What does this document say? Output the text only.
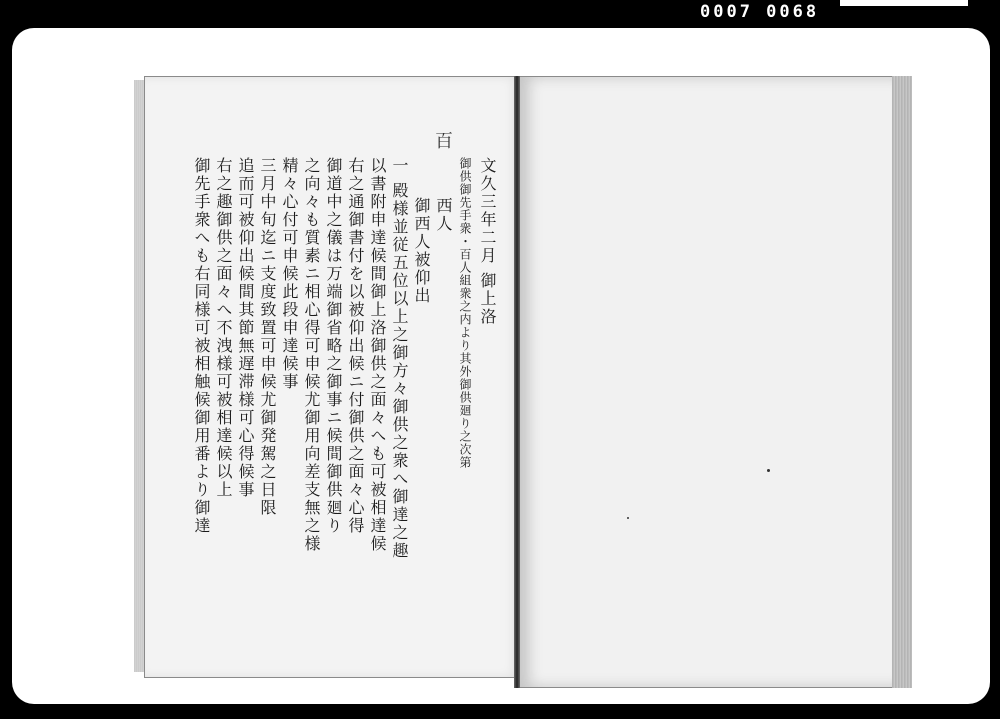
0007 0068
百
文久三年二月 御上洛
御供御先手衆・百人組衆之内より其外御供廻り之次第
西人
御西人被仰出
一 殿様並従五位以上之御方々御供之衆へ御達之趣
以書附申達候間御上洛御供之面々へも可被相達候
右之通御書付を以被仰出候ニ付御供之面々心得
御道中之儀は万端御省略之御事ニ候間御供廻り
之向々も質素ニ相心得可申候尤御用向差支無之様
精々心付可申候此段申達候事
三月中旬迄ニ支度致置可申候尤御発駕之日限
追而可被仰出候間其節無遅滞様可心得候事
右之趣御供之面々へ不洩様可被相達候以上
御先手衆へも右同様可被相触候御用番より御達
